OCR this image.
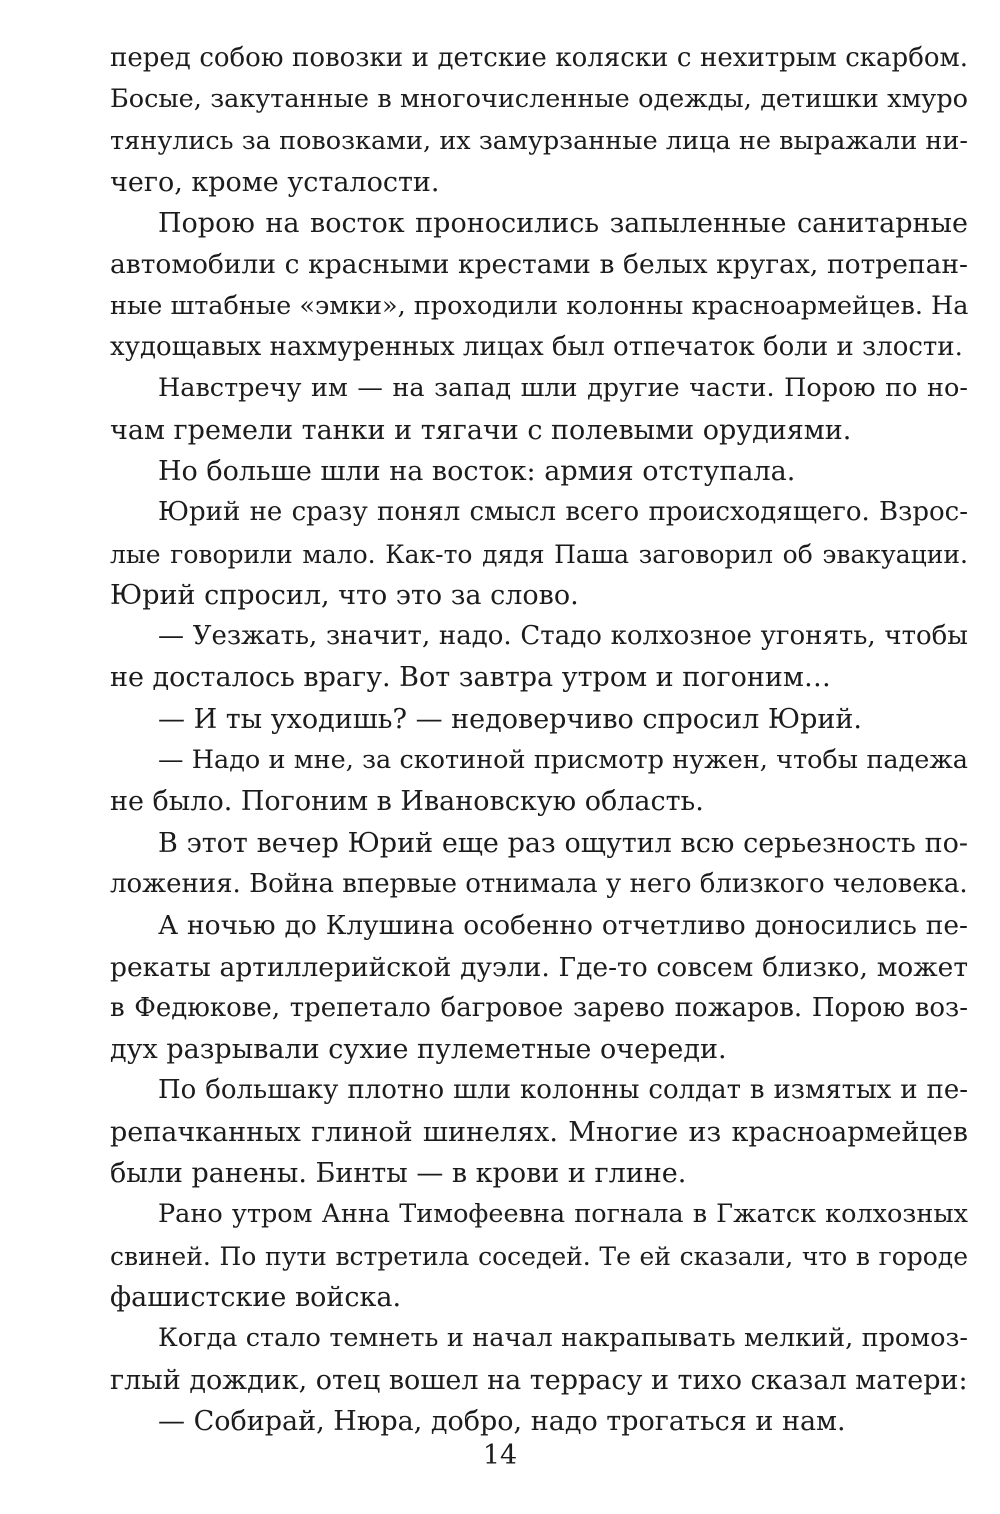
перед собою повозки и детские коляски с нехитрым скарбом.
Босые, закутанные в многочисленные одежды, детишки хмуро
тянулись за повозками, их замурзанные лица не выражали ни-
чего, кроме усталости.
Порою на восток проносились запыленные санитарные
автомобили с красными крестами в белых кругах, потрепан-
ные штабные «эмки», проходили колонны красноармейцев. На
худощавых нахмуренных лицах был отпечаток боли и злости.
Навстречу им — на запад шли другие части. Порою по но-
чам гремели танки и тягачи с полевыми орудиями.
Но больше шли на восток: армия отступала.
Юрий не сразу понял смысл всего происходящего. Взрос-
лые говорили мало. Как-то дядя Паша заговорил об эвакуации.
Юрий спросил, что это за слово.
— Уезжать, значит, надо. Стадо колхозное угонять, чтобы
не досталось врагу. Вот завтра утром и погоним…
— И ты уходишь? — недоверчиво спросил Юрий.
— Надо и мне, за скотиной присмотр нужен, чтобы падежа
не было. Погоним в Ивановскую область.
В этот вечер Юрий еще раз ощутил всю серьезность по-
ложения. Война впервые отнимала у него близкого человека.
А ночью до Клушина особенно отчетливо доносились пе-
рекаты артиллерийской дуэли. Где-то совсем близко, может
в Федюкове, трепетало багровое зарево пожаров. Порою воз-
дух разрывали сухие пулеметные очереди.
По большаку плотно шли колонны солдат в измятых и пе-
репачканных глиной шинелях. Многие из красноармейцев
были ранены. Бинты — в крови и глине.
Рано утром Анна Тимофеевна погнала в Гжатск колхозных
свиней. По пути встретила соседей. Те ей сказали, что в городе
фашистские войска.
Когда стало темнеть и начал накрапывать мелкий, промоз-
глый дождик, отец вошел на террасу и тихо сказал матери:
— Собирай, Нюра, добро, надо трогаться и нам.
14
